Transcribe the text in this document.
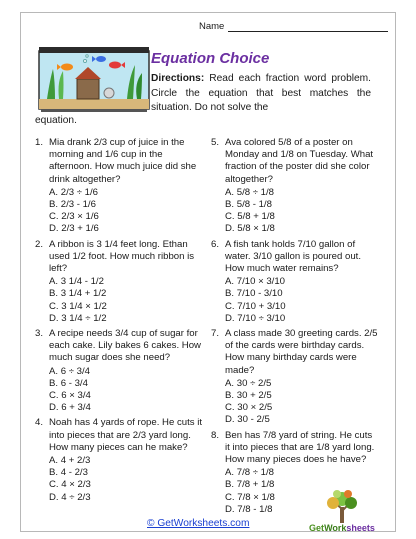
Name
Equation Choice
Directions: Read each fraction word problem. Circle the equation that best matches the situation. Do not solve the
equation.
1. Mia drank 2/3 cup of juice in the morning and 1/6 cup in the afternoon. How much juice did she drink altogether?
A. 2/3 ÷ 1/6
B. 2/3 - 1/6
C. 2/3 × 1/6
D. 2/3 + 1/6
2. A ribbon is 3 1/4 feet long. Ethan used 1/2 foot. How much ribbon is left?
A. 3 1/4 - 1/2
B. 3 1/4 + 1/2
C. 3 1/4 × 1/2
D. 3 1/4 ÷ 1/2
3. A recipe needs 3/4 cup of sugar for each cake. Lily bakes 6 cakes. How much sugar does she need?
A. 6 ÷ 3/4
B. 6 - 3/4
C. 6 × 3/4
D. 6 + 3/4
4. Noah has 4 yards of rope. He cuts it into pieces that are 2/3 yard long. How many pieces can he make?
A. 4 + 2/3
B. 4 - 2/3
C. 4 × 2/3
D. 4 ÷ 2/3
5. Ava colored 5/8 of a poster on Monday and 1/8 on Tuesday. What fraction of the poster did she color altogether?
A. 5/8 ÷ 1/8
B. 5/8 - 1/8
C. 5/8 + 1/8
D. 5/8 × 1/8
6. A fish tank holds 7/10 gallon of water. 3/10 gallon is poured out. How much water remains?
A. 7/10 × 3/10
B. 7/10 - 3/10
C. 7/10 + 3/10
D. 7/10 ÷ 3/10
7. A class made 30 greeting cards. 2/5 of the cards were birthday cards. How many birthday cards were made?
A. 30 ÷ 2/5
B. 30 + 2/5
C. 30 × 2/5
D. 30 - 2/5
8. Ben has 7/8 yard of string. He cuts it into pieces that are 1/8 yard long. How many pieces does he have?
A. 7/8 ÷ 1/8
B. 7/8 + 1/8
C. 7/8 × 1/8
D. 7/8 - 1/8
© GetWorksheets.com	GetWorksheets
